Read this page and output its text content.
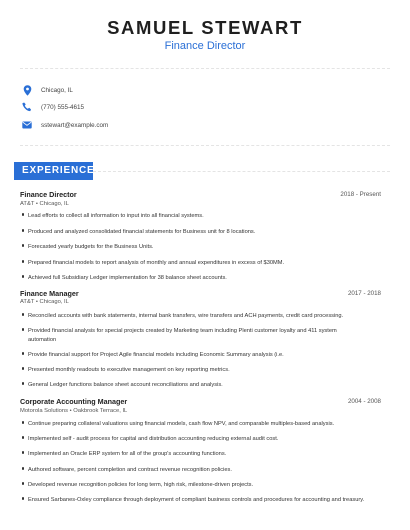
SAMUEL STEWART
Finance Director
Chicago, IL
(770) 555-4615
sstewart@example.com
EXPERIENCE
Finance Director	2018 - Present
AT&T • Chicago, IL
Lead efforts to collect all information to input into all financial systems.
Produced and analyzed consolidated financial statements for Business unit for 8 locations.
Forecasted yearly budgets for the Business Units.
Prepared financial models to report analysis of monthly and annual expenditures in excess of $30MM.
Achieved full Subsidiary Ledger implementation for 38 balance sheet accounts.
Finance Manager	2017 - 2018
AT&T • Chicago, IL
Reconciled accounts with bank statements, internal bank transfers, wire transfers and ACH payments, credit card processing.
Provided financial analysis for special projects created by Marketing team including Plenti customer loyalty and 411 system automation
Provide financial support for Project Agile financial models including Economic Summary analysis (i.e.
Presented monthly readouts to executive management on key reporting metrics.
General Ledger functions balance sheet account reconciliations and analysis.
Corporate Accounting Manager	2004 - 2008
Motorola Solutions • Oakbrook Terrace, IL
Continue preparing collateral valuations using financial models, cash flow NPV, and comparable multiples-based analysis.
Implemented self - audit process for capital and distribution accounting reducing external audit cost.
Implemented an Oracle ERP system for all of the group's accounting functions.
Authored software, percent completion and contract revenue recognition policies.
Developed revenue recognition policies for long term, high risk, milestone-driven projects.
Ensured Sarbanes-Oxley compliance through deployment of compliant business controls and procedures for accounting and treasury.
